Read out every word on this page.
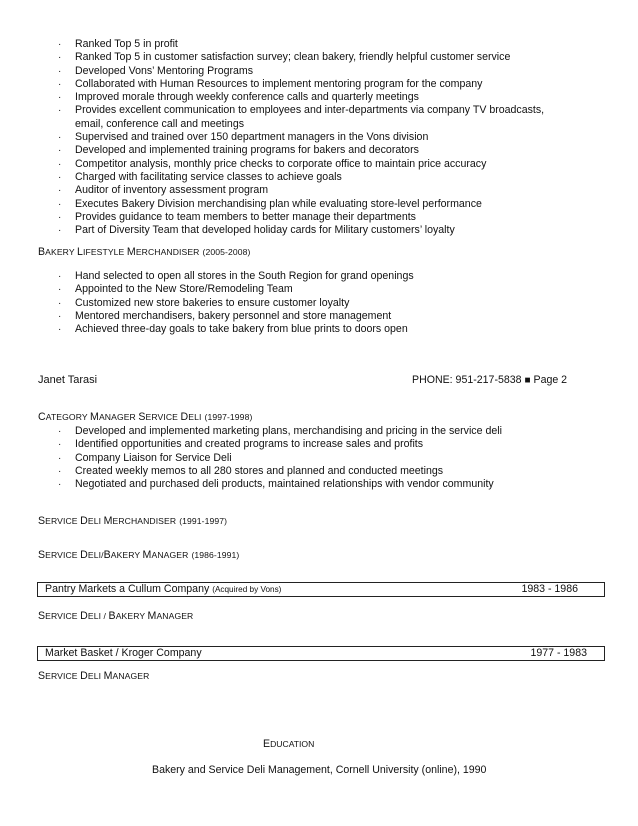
· Ranked Top 5 in profit
· Ranked Top 5 in customer satisfaction survey; clean bakery, friendly helpful customer service
· Developed Vons’ Mentoring Programs
· Collaborated with Human Resources to implement mentoring program for the company
· Improved morale through weekly conference calls and quarterly meetings
· Provides excellent communication to employees and inter-departments via company TV broadcasts, email, conference call and meetings
· Supervised and trained over 150 department managers in the Vons division
· Developed and implemented training programs for bakers and decorators
· Competitor analysis, monthly price checks to corporate office to maintain price accuracy
· Charged with facilitating service classes to achieve goals
· Auditor of inventory assessment program
· Executes Bakery Division merchandising plan while evaluating store-level performance
· Provides guidance to team members to better manage their departments
· Part of Diversity Team that developed holiday cards for Military customers’ loyalty
BAKERY LIFESTYLE MERCHANDISER (2005-2008)
· Hand selected to open all stores in the South Region for grand openings
· Appointed to the New Store/Remodeling Team
· Customized new store bakeries to ensure customer loyalty
· Mentored merchandisers, bakery personnel and store management
· Achieved three-day goals to take bakery from blue prints to doors open
Janet Tarasi	PHONE: 951-217-5838 ■ Page 2
CATEGORY MANAGER SERVICE DELI (1997-1998)
· Developed and implemented marketing plans, merchandising and pricing in the service deli
· Identified opportunities and created programs to increase sales and profits
· Company Liaison for Service Deli
· Created weekly memos to all 280 stores and planned and conducted meetings
· Negotiated and purchased deli products, maintained relationships with vendor community
SERVICE DELI MERCHANDISER (1991-1997)
SERVICE DELI/BAKERY MANAGER (1986-1991)
Pantry Markets a Cullum Company (Acquired by Vons)	1983 - 1986
SERVICE DELI / BAKERY MANAGER
Market Basket / Kroger Company	1977 - 1983
SERVICE DELI MANAGER
EDUCATION
Bakery and Service Deli Management, Cornell University (online), 1990
